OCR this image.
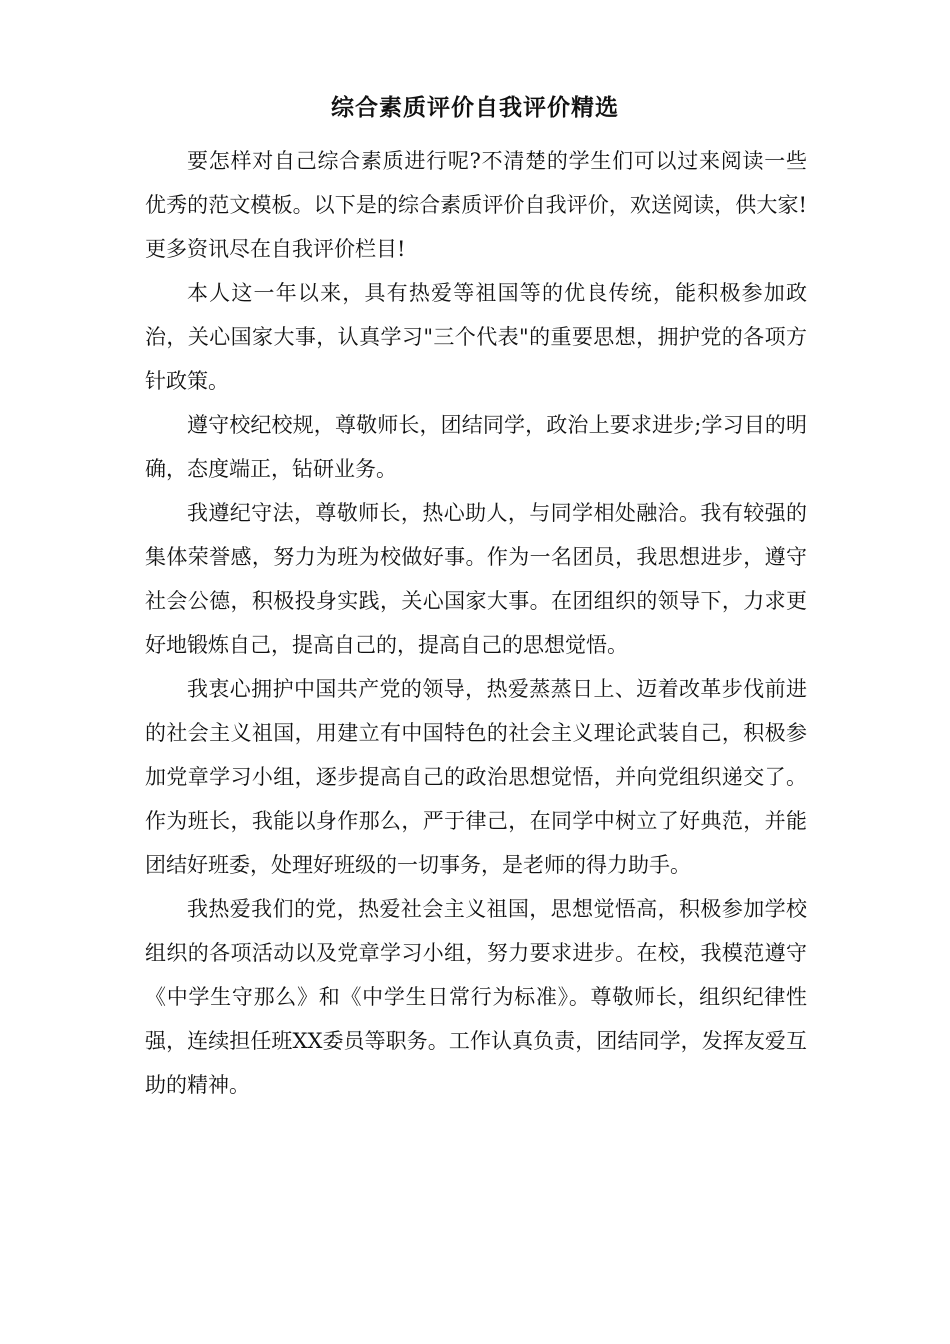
综合素质评价自我评价精选

要怎样对自己综合素质进行呢?不清楚的学生们可以过来阅读一些优秀的范文模板。以下是的综合素质评价自我评价，欢送阅读，供大家!更多资讯尽在自我评价栏目!

本人这一年以来，具有热爱等祖国等的优良传统，能积极参加政治，关心国家大事，认真学习"三个代表"的重要思想，拥护党的各项方针政策。

遵守校纪校规，尊敬师长，团结同学，政治上要求进步;学习目的明确，态度端正，钻研业务。

我遵纪守法，尊敬师长，热心助人，与同学相处融洽。我有较强的集体荣誉感，努力为班为校做好事。作为一名团员，我思想进步，遵守社会公德，积极投身实践，关心国家大事。在团组织的领导下，力求更好地锻炼自己，提高自己的，提高自己的思想觉悟。

我衷心拥护中国共产党的领导，热爱蒸蒸日上、迈着改革步伐前进的社会主义祖国，用建立有中国特色的社会主义理论武装自己，积极参加党章学习小组，逐步提高自己的政治思想觉悟，并向党组织递交了。作为班长，我能以身作那么，严于律己，在同学中树立了好典范，并能团结好班委，处理好班级的一切事务，是老师的得力助手。

我热爱我们的党，热爱社会主义祖国，思想觉悟高，积极参加学校组织的各项活动以及党章学习小组，努力要求进步。在校，我模范遵守《中学生守那么》和《中学生日常行为标准》。尊敬师长，组织纪律性强，连续担任班XX委员等职务。工作认真负责，团结同学，发挥友爱互助的精神。
